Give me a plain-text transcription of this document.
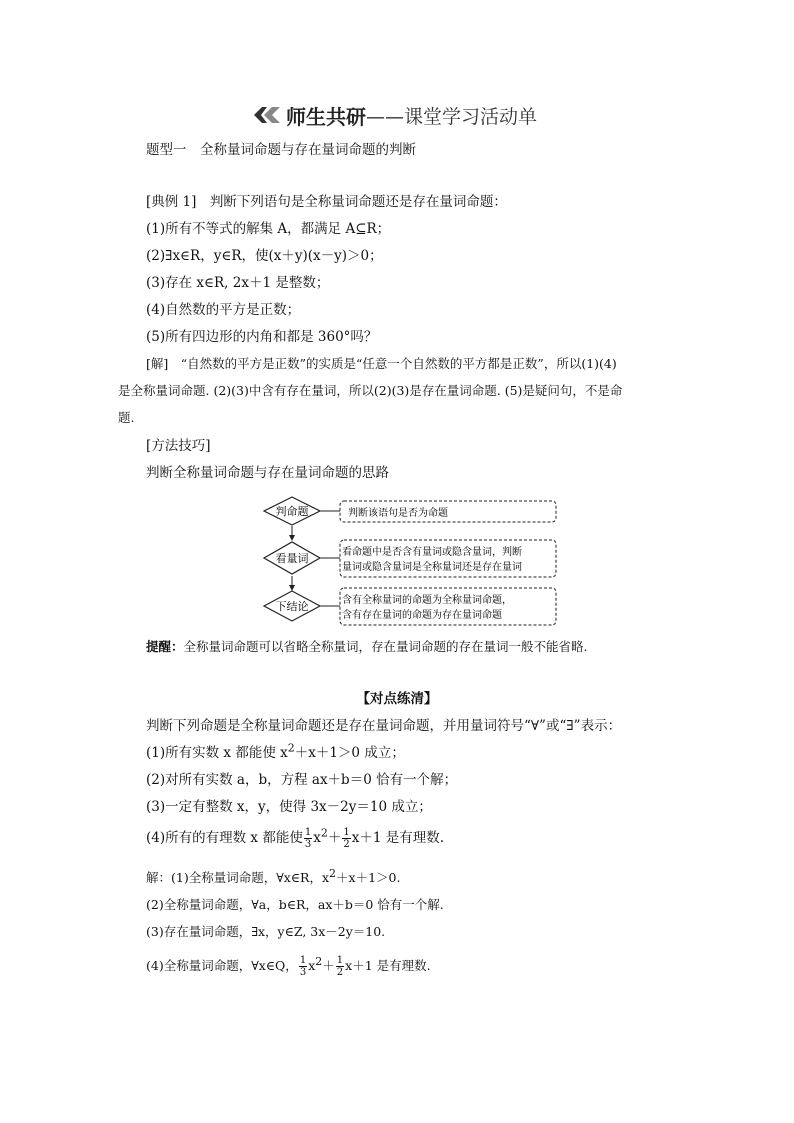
师生共研 ——课堂学习活动单
题型一　全称量词命题与存在量词命题的判断
[典例 1]　判断下列语句是全称量词命题还是存在量词命题：
(1)所有不等式的解集 A，都满足 A⊆R；
(2)∃x∈R，y∈R，使(x＋y)(x－y)＞0；
(3)存在 x∈R, 2x＋1 是整数；
(4)自然数的平方是正数；
(5)所有四边形的内角和都是 360°吗？
[解]　“自然数的平方是正数”的实质是“任意一个自然数的平方都是正数”，所以(1)(4)
是全称量词命题. (2)(3)中含有存在量词，所以(2)(3)是存在量词命题. (5)是疑问句，不是命
题.
[方法技巧]
判断全称量词命题与存在量词命题的思路
判命题
看量词
下结论
判断该语句是否为命题
看命题中是否含有量词或隐含量词，判断
量词或隐含量词是全称量词还是存在量词
含有全称量词的命题为全称量词命题，
含有存在量词的命题为存在量词命题
提醒：全称量词命题可以省略全称量词，存在量词命题的存在量词一般不能省略.
【对点练清】
判断下列命题是全称量词命题还是存在量词命题，并用量词符号“∀”或“∃”表示：
(1)所有实数 x 都能使 $x^2+x+1>0$ 成立；
(2)对所有实数 a，b，方程 ax＋b＝0 恰有一个解；
(3)一定有整数 x，y，使得 3x－2y＝10 成立；
(4)所有的有理数 x 都能使 $\frac{1}{3} x^2+ \frac{1}{2} x+1$ 是有理数.
解：(1)全称量词命题，∀x∈R，x2＋x＋1＞0.
(2)全称量词命题，∀a，b∈R，ax＋b＝0 恰有一个解.
(3)存在量词命题，∃x，y∈Z, 3x－2y＝10.
(4)全称量词命题，∀x∈Q， $\frac{1}{3} x2+ \frac{1}{2} x+1$ 是有理数.
